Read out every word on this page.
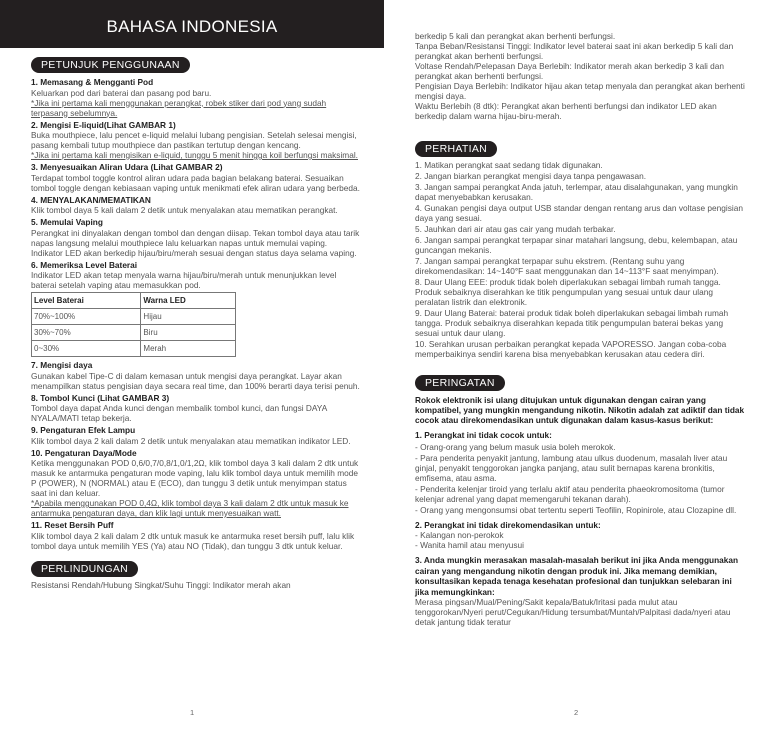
BAHASA INDONESIA
PETUNJUK PENGGUNAAN
1. Memasang & Mengganti Pod

Keluarkan pod dari baterai dan pasang pod baru.

*Jika ini pertama kali menggunakan perangkat, robek stiker dari pod yang sudah terpasang sebelumnya.

2. Mengisi E-liquid(Lihat GAMBAR 1)

Buka mouthpiece, lalu pencet e-liquid melalui lubang pengisian. Setelah selesai mengisi, pasang kembali tutup mouthpiece dan pastikan tertutup dengan kencang.

*Jika ini pertama kali mengisikan e-liquid, tunggu 5 menit hingga koil berfungsi maksimal.

3. Menyesuaikan Aliran Udara (Lihat GAMBAR 2)

Terdapat tombol toggle kontrol aliran udara pada bagian belakang baterai. Sesuaikan tombol toggle dengan kebiasaan vaping untuk menikmati efek aliran udara yang berbeda.

4. MENYALAKAN/MEMATIKAN

Klik tombol daya 5 kali dalam 2 detik untuk menyalakan atau mematikan perangkat.

5. Memulai Vaping

Perangkat ini dinyalakan dengan tombol dan dengan diisap. Tekan tombol daya atau tarik napas langsung melalui mouthpiece lalu keluarkan napas untuk memulai vaping. Indikator LED akan berkedip hijau/biru/merah sesuai dengan status daya selama vaping.

6. Memeriksa Level Baterai

Indikator LED akan tetap menyala warna hijau/biru/merah untuk menunjukkan level baterai setelah vaping atau memasukkan pod.

Level Baterai	Warna LED
70%~100%	Hijau
30%~70%	Biru
0~30%	Merah
7. Mengisi daya

Gunakan kabel Tipe-C di dalam kemasan untuk mengisi daya perangkat. Layar akan menampilkan status pengisian daya secara real time, dan 100% berarti daya terisi penuh.

8. Tombol Kunci (Lihat GAMBAR 3)

Tombol daya dapat Anda kunci dengan membalik tombol kunci, dan fungsi DAYA NYALA/MATI tetap bekerja.

9. Pengaturan Efek Lampu

Klik tombol daya 2 kali dalam 2 detik untuk menyalakan atau mematikan indikator LED.

10. Pengaturan Daya/Mode

Ketika menggunakan POD 0,6/0,7/0,8/1,0/1,2Ω, klik tombol daya 3 kali dalam 2 dtk untuk masuk ke antarmuka pengaturan mode vaping, lalu klik tombol daya untuk memilih mode P (POWER), N (NORMAL) atau E (ECO), dan tunggu 3 detik untuk menyimpan status saat ini dan keluar.

*Apabila menggunakan POD 0,4Ω, klik tombol daya 3 kali dalam 2 dtk untuk masuk ke antarmuka pengaturan daya, dan klik lagi untuk menyesuaikan watt.

11. Reset Bersih Puff

Klik tombol daya 2 kali dalam 2 dtk untuk masuk ke antarmuka reset bersih puff, lalu klik tombol daya untuk memilih YES (Ya) atau NO (Tidak), dan tunggu 3 dtk untuk keluar.

PERLINDUNGAN

Resistansi Rendah/Hubung Singkat/Suhu Tinggi: Indikator merah akan

1

berkedip 5 kali dan perangkat akan berhenti berfungsi.

Tanpa Beban/Resistansi Tinggi: Indikator level baterai saat ini akan berkedip 5 kali dan perangkat akan berhenti berfungsi.

Voltase Rendah/Pelepasan Daya Berlebih: Indikator merah akan berkedip 3 kali dan perangkat akan berhenti berfungsi.

Pengisian Daya Berlebih: Indikator hijau akan tetap menyala dan perangkat akan berhenti mengisi daya.

Waktu Berlebih (8 dtk): Perangkat akan berhenti berfungsi dan indikator LED akan berkedip dalam warna hijau-biru-merah.

PERHATIAN

1. Matikan perangkat saat sedang tidak digunakan.

2. Jangan biarkan perangkat mengisi daya tanpa pengawasan.

3. Jangan sampai perangkat Anda jatuh, terlempar, atau disalahgunakan, yang mungkin dapat menyebabkan kerusakan.

4. Gunakan pengisi daya output USB standar dengan rentang arus dan voltase pengisian daya yang sesuai.

5. Jauhkan dari air atau gas cair yang mudah terbakar.

6. Jangan sampai perangkat terpapar sinar matahari langsung, debu, kelembapan, atau guncangan mekanis.

7. Jangan sampai perangkat terpapar suhu ekstrem. (Rentang suhu yang direkomendasikan: 14~140°F saat menggunakan dan 14~113°F saat menyimpan).

8. Daur Ulang EEE: produk tidak boleh diperlakukan sebagai limbah rumah tangga. Produk sebaiknya diserahkan ke titik pengumpulan yang sesuai untuk daur ulang peralatan listrik dan elektronik.

9. Daur Ulang Baterai: baterai produk tidak boleh diperlakukan sebagai limbah rumah tangga. Produk sebaiknya diserahkan kepada titik pengumpulan baterai bekas yang sesuai untuk daur ulang.

10. Serahkan urusan perbaikan perangkat kepada VAPORESSO. Jangan coba-coba memperbaikinya sendiri karena bisa menyebabkan kerusakan atau cedera diri.

PERINGATAN

Rokok elektronik isi ulang ditujukan untuk digunakan dengan cairan yang kompatibel, yang mungkin mengandung nikotin. Nikotin adalah zat adiktif dan tidak cocok atau direkomendasikan untuk digunakan dalam kasus-kasus berikut:

1. Perangkat ini tidak cocok untuk:

- Orang-orang yang belum masuk usia boleh merokok.

- Para penderita penyakit jantung, lambung atau ulkus duodenum, masalah liver atau ginjal, penyakit tenggorokan jangka panjang, atau sulit bernapas karena bronkitis, emfisema, atau asma.

- Penderita kelenjar tiroid yang terlalu aktif atau penderita phaeokromositoma (tumor kelenjar adrenal yang dapat memengaruhi tekanan darah).

- Orang yang mengonsumsi obat tertentu seperti Teofilin, Ropinirole, atau Clozapine dll.

2. Perangkat ini tidak direkomendasikan untuk:

- Kalangan non-perokok

- Wanita hamil atau menyusui

3. Anda mungkin merasakan masalah-masalah berikut ini jika Anda menggunakan cairan yang mengandung nikotin dengan produk ini. Jika memang demikian, konsultasikan kepada tenaga kesehatan profesional dan tunjukkan selebaran ini jika memungkinkan:

Merasa pingsan/Mual/Pening/Sakit kepala/Batuk/Iritasi pada mulut atau tenggorokan/Nyeri perut/Cegukan/Hidung tersumbat/Muntah/Palpitasi dada/nyeri atau detak jantung tidak teratur

2
